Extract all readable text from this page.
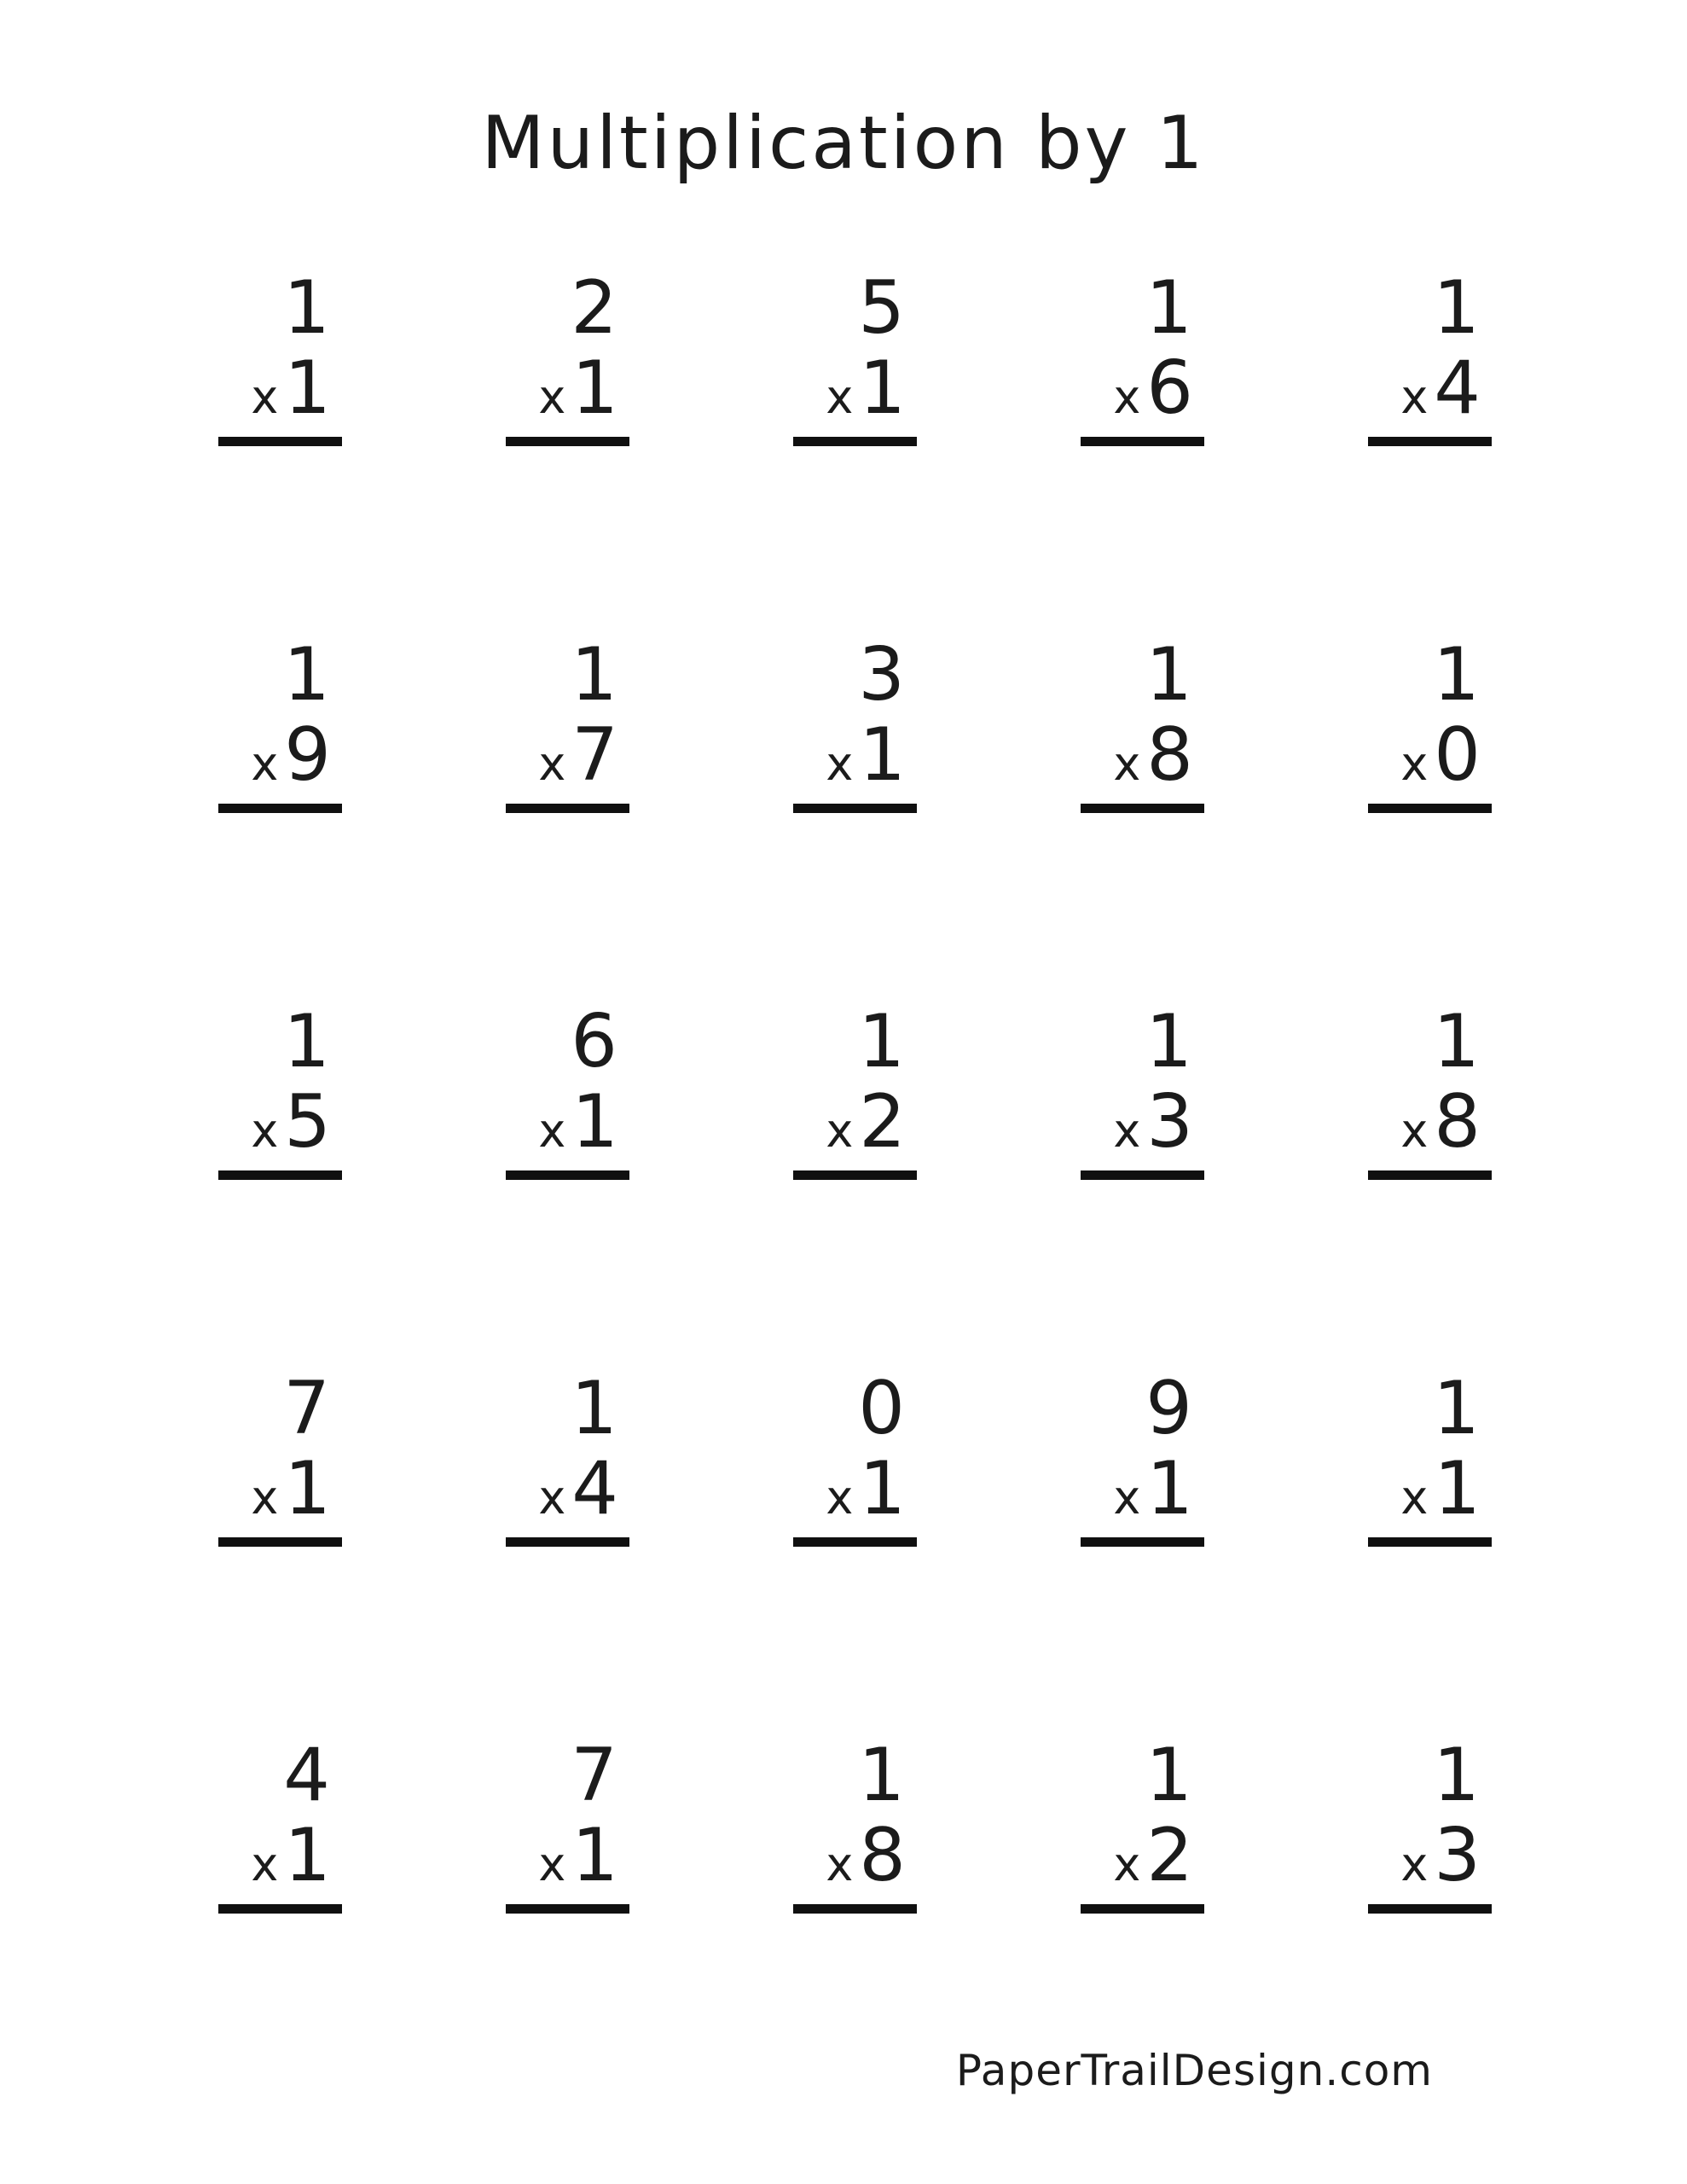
Multiplication by 1
1
x 1
2
x 1
5
x 1
1
x 6
1
x 4
1
x 9
1
x 7
3
x 1
1
x 8
1
x 0
1
x 5
6
x 1
1
x 2
1
x 3
1
x 8
7
x 1
1
x 4
0
x 1
9
x 1
1
x 1
4
x 1
7
x 1
1
x 8
1
x 2
1
x 3
PaperTrailDesign.com
